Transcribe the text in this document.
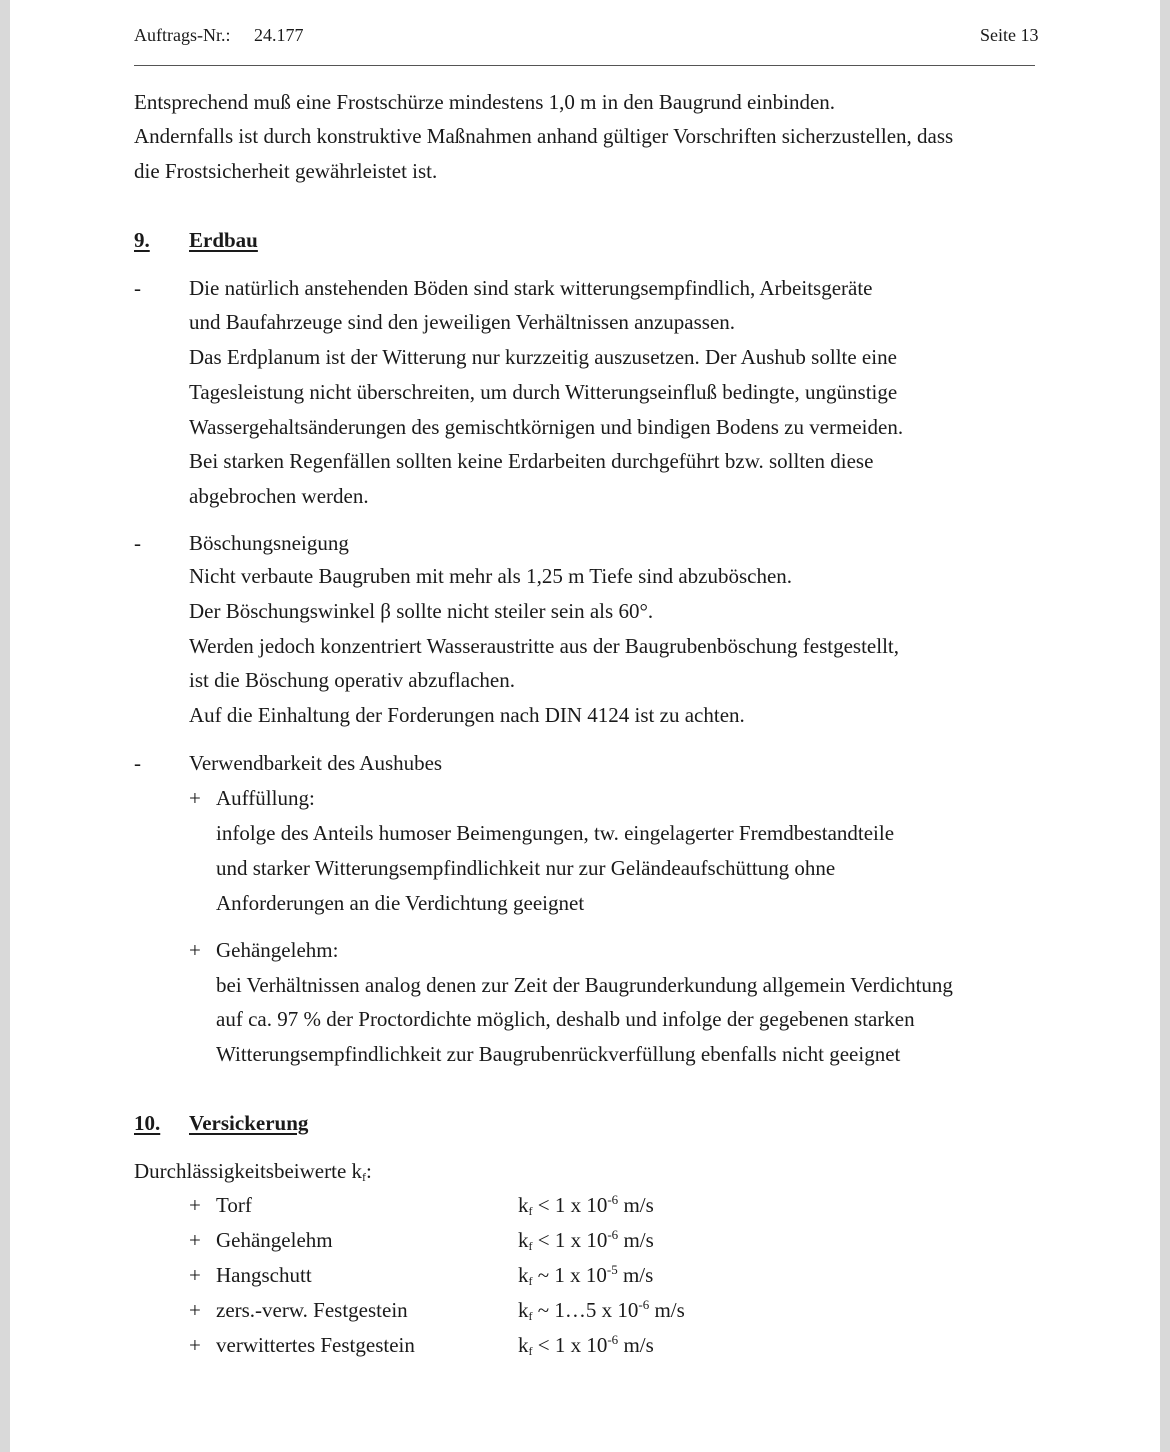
Auftrags-Nr.: 24.177	Seite 13
Entsprechend muß eine Frostschürze mindestens 1,0 m in den Baugrund einbinden.
Andernfalls ist durch konstruktive Maßnahmen anhand gültiger Vorschriften sicherzustellen, dass
die Frostsicherheit gewährleistet ist.
9. Erdbau
- Die natürlich anstehenden Böden sind stark witterungsempfindlich, Arbeitsgeräte
und Baufahrzeuge sind den jeweiligen Verhältnissen anzupassen.
Das Erdplanum ist der Witterung nur kurzzeitig auszusetzen. Der Aushub sollte eine
Tagesleistung nicht überschreiten, um durch Witterungseinfluß bedingte, ungünstige
Wassergehaltsänderungen des gemischtkörnigen und bindigen Bodens zu vermeiden.
Bei starken Regenfällen sollten keine Erdarbeiten durchgeführt bzw. sollten diese
abgebrochen werden.
- Böschungsneigung
Nicht verbaute Baugruben mit mehr als 1,25 m Tiefe sind abzuböschen.
Der Böschungswinkel β sollte nicht steiler sein als 60°.
Werden jedoch konzentriert Wasseraustritte aus der Baugrubenböschung festgestellt,
ist die Böschung operativ abzuflachen.
Auf die Einhaltung der Forderungen nach DIN 4124 ist zu achten.
- Verwendbarkeit des Aushubes
+ Auffüllung:
infolge des Anteils humoser Beimengungen, tw. eingelagerter Fremdbestandteile
und starker Witterungsempfindlichkeit nur zur Geländeaufschüttung ohne
Anforderungen an die Verdichtung geeignet
+ Gehängelehm:
bei Verhältnissen analog denen zur Zeit der Baugrunderkundung allgemein Verdichtung
auf ca. 97 % der Proctordichte möglich, deshalb und infolge der gegebenen starken
Witterungsempfindlichkeit zur Baugrubenrückverfüllung ebenfalls nicht geeignet
10. Versickerung
Durchlässigkeitsbeiwerte $k_f$:
+ Torf	$k_f < 1$ x $10^{-6}$ m/s
+ Gehängelehm	$k_f < 1$ x $10^{-6}$ m/s
+ Hangschutt	$k_f$ ~ 1 x $10^{-5}$ m/s
+ zers.-verw. Festgestein	$k_f$ ~ 1…5 x $10^{-6}$ m/s
+ verwittertes Festgestein	$k_f < 1$ x $10^{-6}$ m/s
